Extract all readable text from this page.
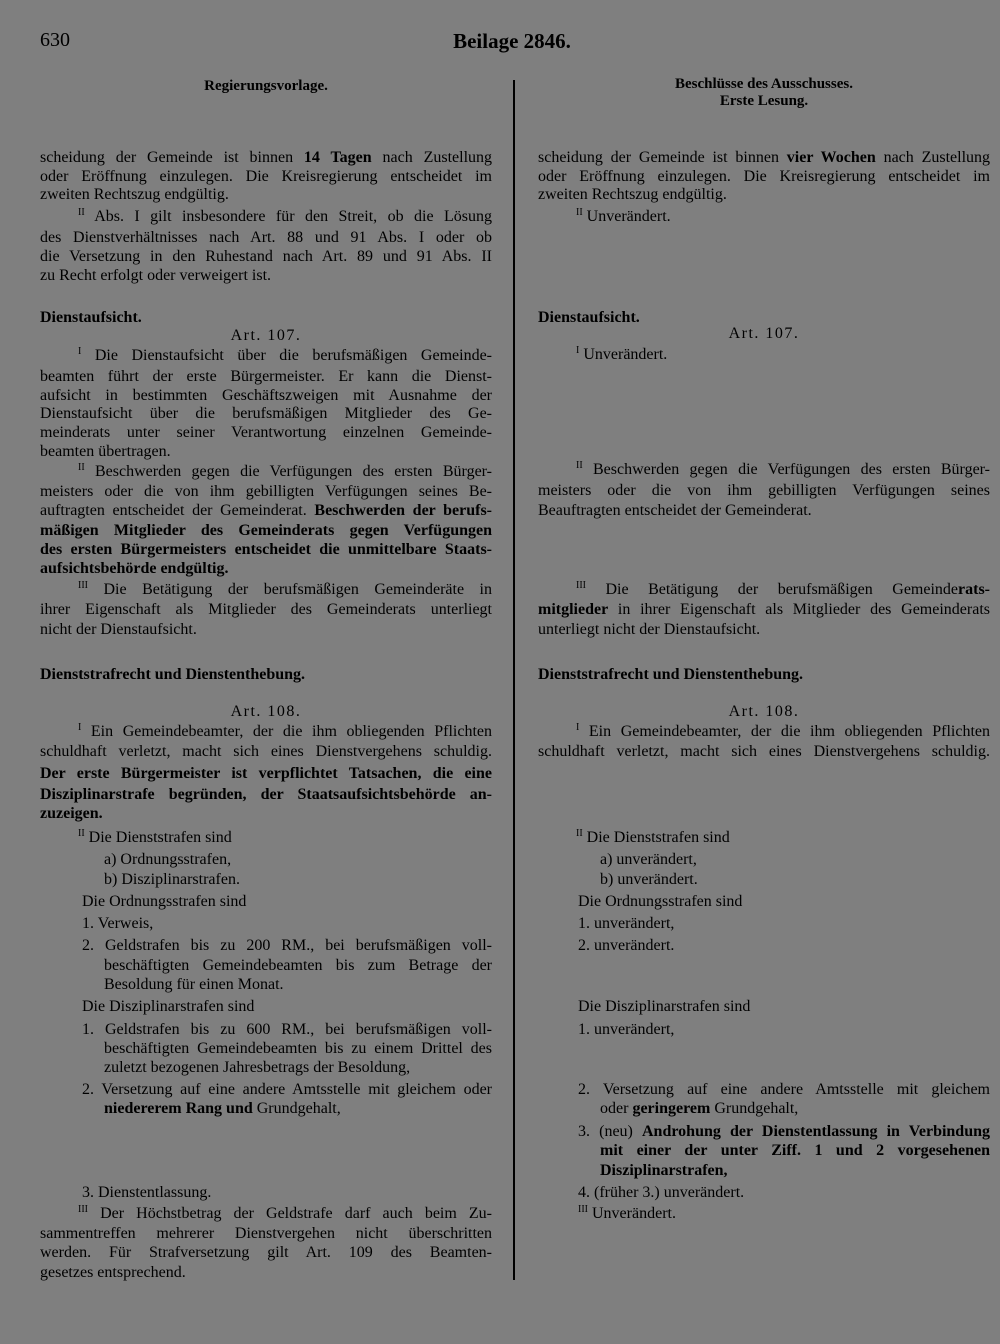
630	Beilage 2846.
Regierungsvorlage.	Beschlüsse des Ausschusses.
Erste Lesung.
scheidung der Gemeinde ist binnen 14 Tagen nach Zustellung
oder Eröffnung einzulegen. Die Kreisregierung entscheidet im
zweiten Rechtszug endgültig.
$^{II}$ Abs. I gilt insbesondere für den Streit, ob die Lösung
des Dienstverhältnisses nach Art. 88 und 91 Abs. I oder ob
die Versetzung in den Ruhestand nach Art. 89 und 91 Abs. II
zu Recht erfolgt oder verweigert ist.
Dienstaufsicht.
Art. 107.
$^I$ Die Dienstaufsicht über die berufsmäßigen Gemeinde-
beamten führt der erste Bürgermeister. Er kann die Dienst-
aufsicht in bestimmten Geschäftszweigen mit Ausnahme der
Dienstaufsicht über die berufsmäßigen Mitglieder des Ge-
meinderats unter seiner Verantwortung einzelnen Gemeinde-
beamten übertragen.
$^{II}$ Beschwerden gegen die Verfügungen des ersten Bürger-
meisters oder die von ihm gebilligten Verfügungen seines Be-
auftragten entscheidet der Gemeinderat. Beschwerden der berufs-
mäßigen Mitglieder des Gemeinderats gegen Verfügungen
des ersten Bürgermeisters entscheidet die unmittelbare Staats-
aufsichtsbehörde endgültig.
$^{III}$ Die Betätigung der berufsmäßigen Gemeinderäte in
ihrer Eigenschaft als Mitglieder des Gemeinderats unterliegt
nicht der Dienstaufsicht.
Dienststrafrecht und Dienstenthebung.
Art. 108.
$^I$ Ein Gemeindebeamter, der die ihm obliegenden Pflichten
schuldhaft verletzt, macht sich eines Dienstvergehens schuldig.
Der erste Bürgermeister ist verpflichtet Tatsachen, die eine
Disziplinarstrafe begründen, der Staatsaufsichtsbehörde an-
zuzeigen.
$^{II}$ Die Dienststrafen sind
a) Ordnungsstrafen,
b) Disziplinarstrafen.
Die Ordnungsstrafen sind
1. Verweis,
2. Geldstrafen bis zu 200 RM., bei berufsmäßigen voll-
beschäftigten Gemeindebeamten bis zum Betrage der
Besoldung für einen Monat.
Die Disziplinarstrafen sind
1. Geldstrafen bis zu 600 RM., bei berufsmäßigen voll-
beschäftigten Gemeindebeamten bis zu einem Drittel des
zuletzt bezogenen Jahresbetrags der Besoldung,
2. Versetzung auf eine andere Amtsstelle mit gleichem oder
niedererem Rang und Grundgehalt,
3. Dienstentlassung.
$^{III}$ Der Höchstbetrag der Geldstrafe darf auch beim Zu-
sammentreffen mehrerer Dienstvergehen nicht überschritten
werden. Für Strafversetzung gilt Art. 109 des Beamten-
gesetzes entsprechend.
scheidung der Gemeinde ist binnen vier Wochen nach Zustellung
oder Eröffnung einzulegen. Die Kreisregierung entscheidet im
zweiten Rechtszug endgültig.
$^{II}$ Unverändert.
Dienstaufsicht.
Art. 107.
$^I$ Unverändert.
$^{II}$ Beschwerden gegen die Verfügungen des ersten Bürger-
meisters oder die von ihm gebilligten Verfügungen seines
Beauftragten entscheidet der Gemeinderat.
$^{III}$ Die Betätigung der berufsmäßigen Gemeinderats-
mitglieder in ihrer Eigenschaft als Mitglieder des Gemeinderats
unterliegt nicht der Dienstaufsicht.
Dienststrafrecht und Dienstenthebung.
Art. 108.
$^I$ Ein Gemeindebeamter, der die ihm obliegenden Pflichten
schuldhaft verletzt, macht sich eines Dienstvergehens schuldig.
$^{II}$ Die Dienststrafen sind
a) unverändert,
b) unverändert.
Die Ordnungsstrafen sind
1. unverändert,
2. unverändert.
Die Disziplinarstrafen sind
1. unverändert,
2. Versetzung auf eine andere Amtsstelle mit gleichem
oder geringerem Grundgehalt,
3. (neu) Androhung der Dienstentlassung in Verbindung
mit einer der unter Ziff. 1 und 2 vorgesehenen
Disziplinarstrafen,
4. (früher 3.) unverändert.
$^{III}$ Unverändert.
